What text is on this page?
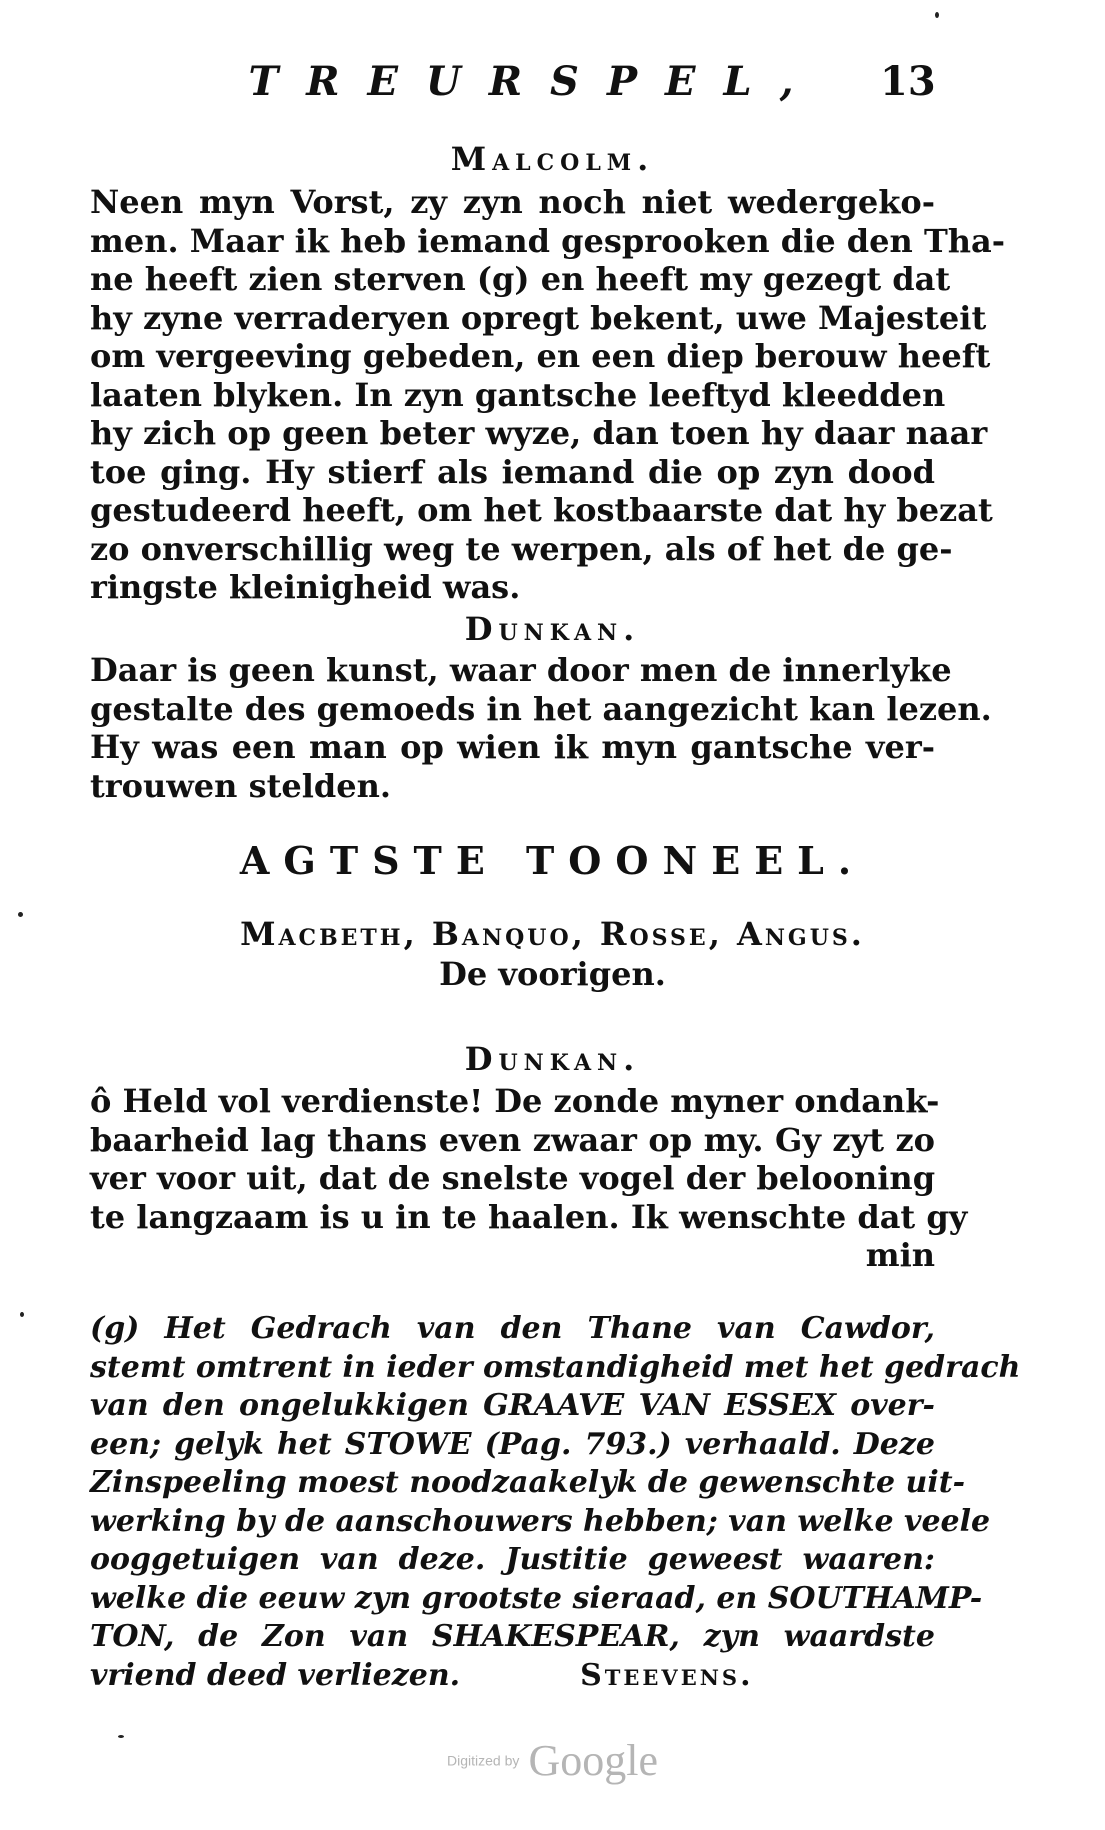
TREURSPEL,	13
Malcolm.
Neen myn Vorst, zy zyn noch niet wedergeko-
men. Maar ik heb iemand gesprooken die den Tha-
ne heeft zien sterven (g) en heeft my gezegt dat
hy zyne verraderyen opregt bekent, uwe Majesteit
om vergeeving gebeden, en een diep berouw heeft
laaten blyken. In zyn gantsche leeftyd kleedden
hy zich op geen beter wyze, dan toen hy daar naar
toe ging. Hy stierf als iemand die op zyn dood
gestudeerd heeft, om het kostbaarste dat hy bezat
zo onverschillig weg te werpen, als of het de ge-
ringste kleinigheid was.
Dunkan.
Daar is geen kunst, waar door men de innerlyke
gestalte des gemoeds in het aangezicht kan lezen.
Hy was een man op wien ik myn gantsche ver-
trouwen stelden.
AGTSTE TOONEEL.
Macbeth, Banquo, Rosse, Angus.
De voorigen.
Dunkan.
ô Held vol verdienste! De zonde myner ondank-
baarheid lag thans even zwaar op my. Gy zyt zo
ver voor uit, dat de snelste vogel der belooning
te langzaam is u in te haalen. Ik wenschte dat gy
min
(g) Het Gedrach van den Thane van Cawdor,
stemt omtrent in ieder omstandigheid met het gedrach
van den ongelukkigen GRAAVE VAN ESSEX over-
een; gelyk het STOWE (Pag. 793.) verhaald. Deze
Zinspeeling moest noodzaakelyk de gewenschte uit-
werking by de aanschouwers hebben; van welke veele
ooggetuigen van deze. Justitie geweest waaren:
welke die eeuw zyn grootste sieraad, en SOUTHAMP-
TON, de Zon van SHAKESPEAR, zyn waardste
vriend deed verliezen.	Steevens.
Digitized by Google
